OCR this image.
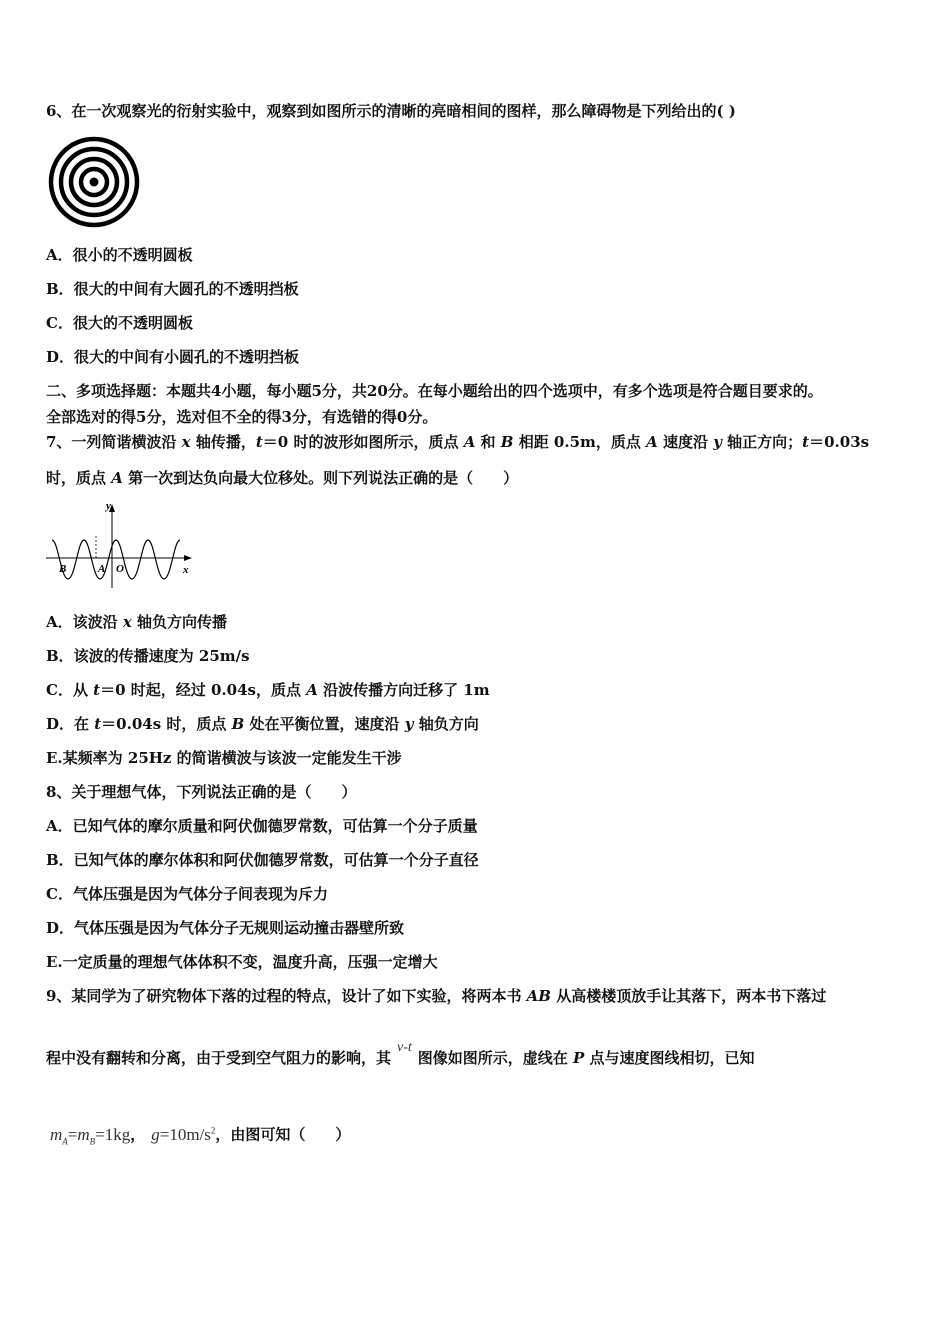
6、在一次观察光的衍射实验中，观察到如图所示的清晰的亮暗相间的图样，那么障碍物是下列给出的( )
A．很小的不透明圆板
B．很大的中间有大圆孔的不透明挡板
C．很大的不透明圆板
D．很大的中间有小圆孔的不透明挡板
二、多项选择题：本题共4小题，每小题5分，共20分。在每小题给出的四个选项中，有多个选项是符合题目要求的。
全部选对的得5分，选对但不全的得3分，有选错的得0分。
7、一列简谐横波沿 x 轴传播，t＝0 时的波形如图所示，质点 A 和 B 相距 0.5m，质点 A 速度沿 y 轴正方向；t＝0.03s
时，质点 A 第一次到达负向最大位移处。则下列说法正确的是（　　）
y
x
B	A O
A．该波沿 x 轴负方向传播
B．该波的传播速度为 25m/s
C．从 t＝0 时起，经过 0.04s，质点 A 沿波传播方向迁移了 1m
D．在 t＝0.04s 时，质点 B 处在平衡位置，速度沿 y 轴负方向
E.某频率为 25Hz 的简谐横波与该波一定能发生干涉
8、关于理想气体，下列说法正确的是（　　）
A．已知气体的摩尔质量和阿伏伽德罗常数，可估算一个分子质量
B．已知气体的摩尔体积和阿伏伽德罗常数，可估算一个分子直径
C．气体压强是因为气体分子间表现为斥力
D．气体压强是因为气体分子无规则运动撞击器壁所致
E.一定质量的理想气体体积不变，温度升高，压强一定增大
9、某同学为了研究物体下落的过程的特点，设计了如下实验，将两本书 AB 从高楼楼顶放手让其落下，两本书下落过
程中没有翻转和分离，由于受到空气阻力的影响，其v-t图像如图所示，虚线在 P 点与速度图线相切，已知
$m_A=m_B=1kg$， $g=10m/s^2$，由图可知（　　）
